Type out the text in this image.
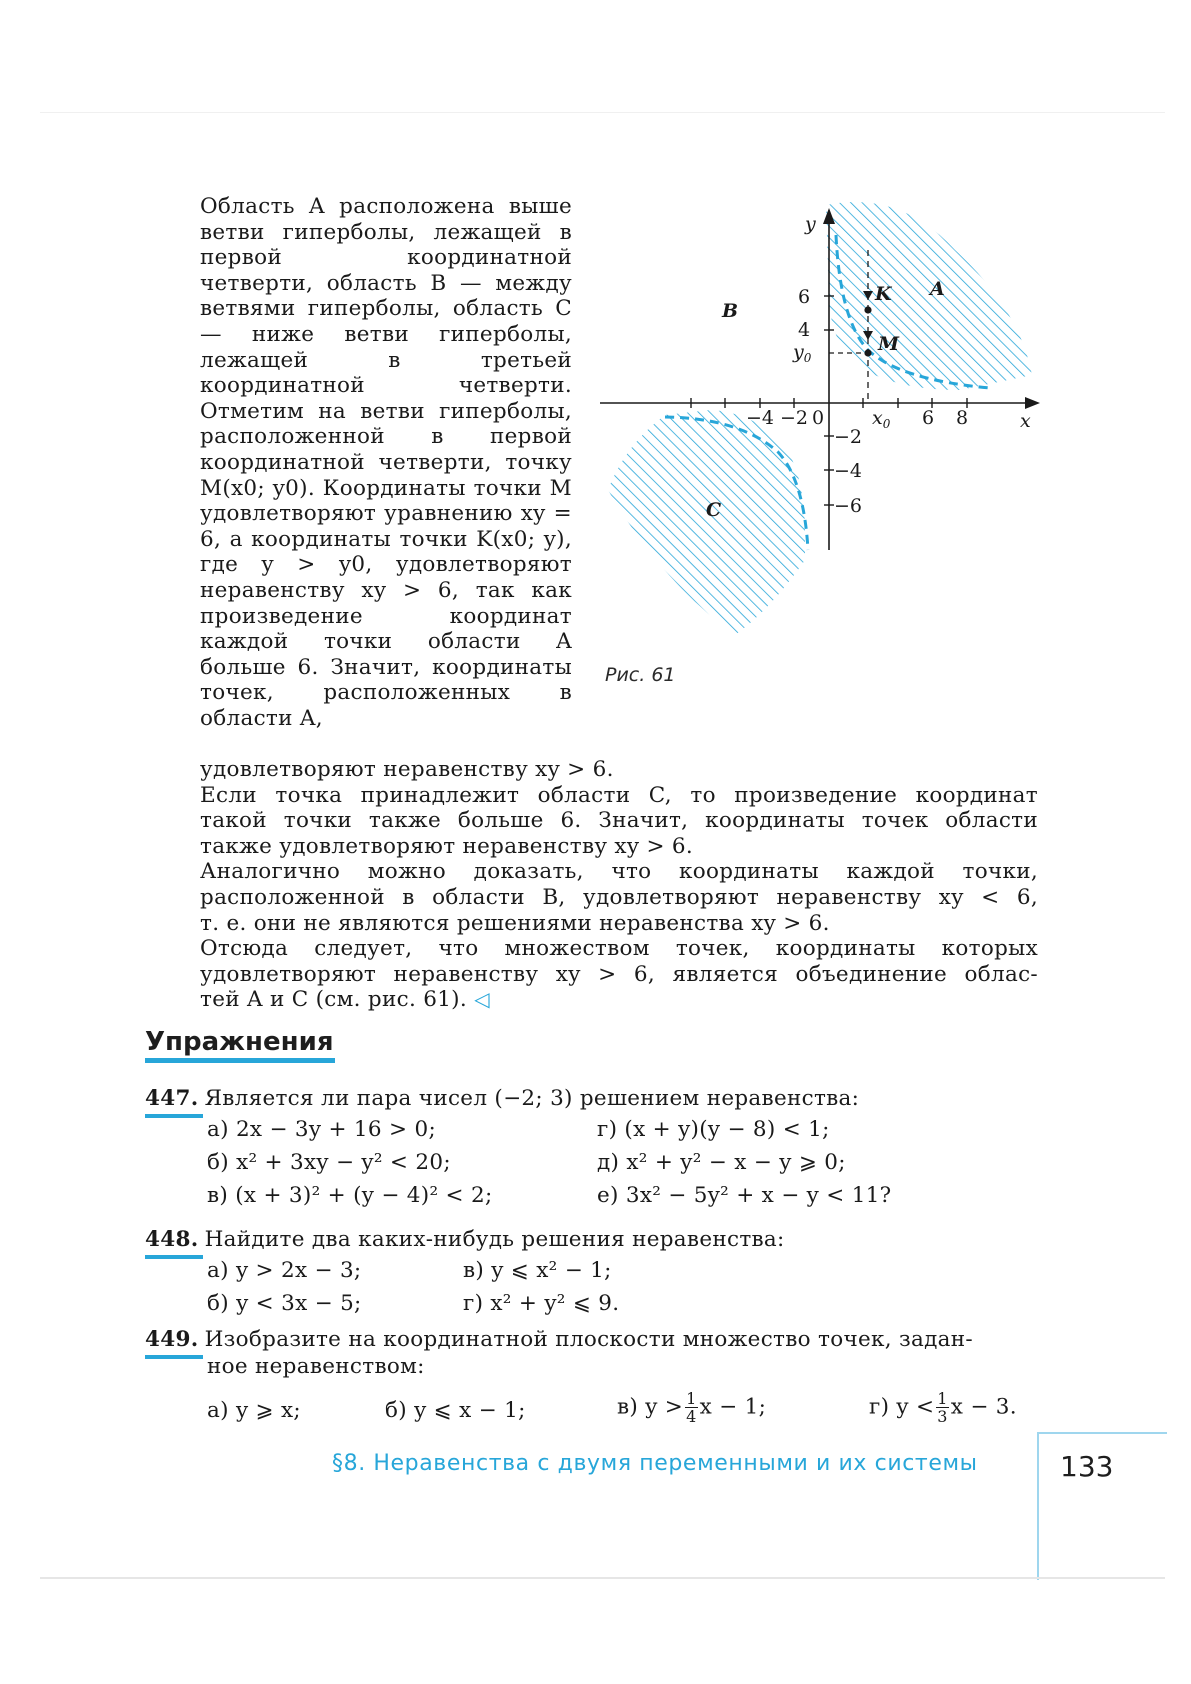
Область A расположена выше ветви гиперболы, лежащей в первой координатной четверти, область B — между ветвями гиперболы, область C — ниже ветви гиперболы, лежащей в третьей координатной четверти. Отметим на ветви гиперболы, расположенной в первой координатной четверти, точку M(x0; y0). Координаты точки M удовлетворяют уравнению xy = 6, а координаты точки K(x0; y), где y > y0, удовлетворяют неравенству xy > 6, так как произведение координат каждой точки области A больше 6. Значит, координаты точек, расположенных в области A,

x
y
0
−4 −2	6 8
6
4
−2
−4
−6
$x_0$
$y_0$
K
M
A
B
C
Рис. 61
удовлетворяют неравенству xy > 6.
Если точка принадлежит области C, то произведение координат
такой точки также больше 6. Значит, координаты точек области
также удовлетворяют неравенству xy > 6.
Аналогично можно доказать, что координаты каждой точки,
расположенной в области B, удовлетворяют неравенству xy < 6,
т. е. они не являются решениями неравенства xy > 6.
Отсюда следует, что множеством точек, координаты которых
удовлетворяют неравенству xy > 6, является объединение облас-
тей A и C (см. рис. 61). ◁
Упражнения
447. Является ли пара чисел (−2; 3) решением неравенства:
а) 2x − 3y + 16 > 0;
б) x² + 3xy − y² < 20;
в) (x + 3)² + (y − 4)² < 2;
г) (x + y)(y − 8) < 1;
д) x² + y² − x − y ⩾ 0;
е) 3x² − 5y² + x − y < 11?
448. Найдите два каких-нибудь решения неравенства:
а) y > 2x − 3;
б) y < 3x − 5;
в) y ⩽ x² − 1;
г) x² + y² ⩽ 9.
449. Изобразите на координатной плоскости множество точек, задан-
ное неравенством:
а) y ⩾ x;	б) y ⩽ x − 1;	в) $y > \frac{1}{4}$ x − 1;	г) $y < \frac{1}{3}$ x − 3.
§8. Неравенства с двумя переменными и их системы	133
